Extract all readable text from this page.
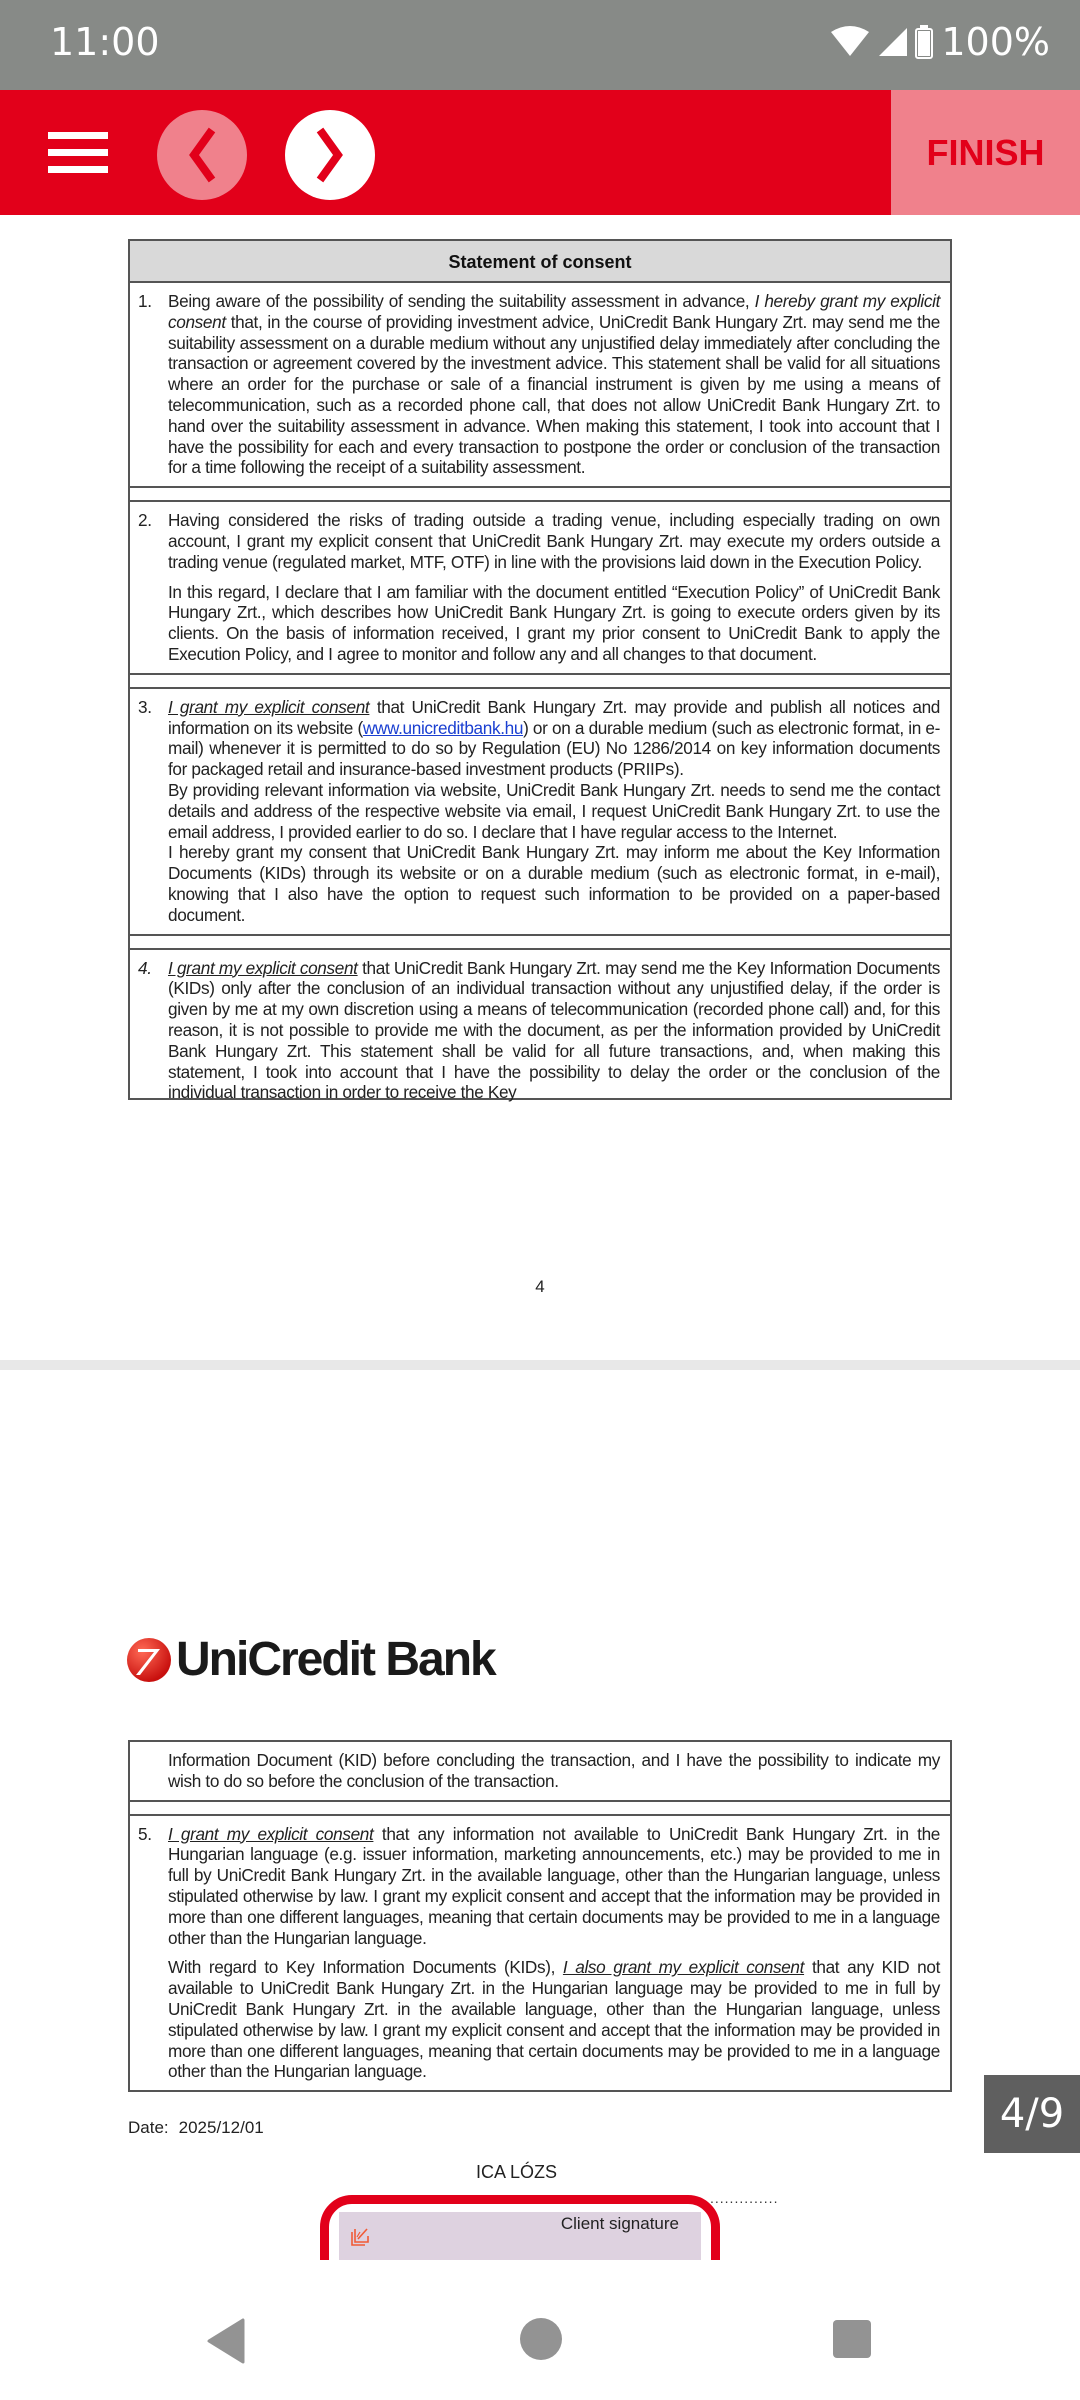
11:00	100%
FINISH
Statement of consent
1. Being aware of the possibility of sending the suitability assessment in advance, I hereby grant my explicit consent that, in the course of providing investment advice, UniCredit Bank Hungary Zrt. may send me the suitability assessment on a durable medium without any unjustified delay immediately after concluding the transaction or agreement covered by the investment advice. This statement shall be valid for all situations where an order for the purchase or sale of a financial instrument is given by me using a means of telecommunication, such as a recorded phone call, that does not allow UniCredit Bank Hungary Zrt. to hand over the suitability assessment in advance. When making this statement, I took into account that I have the possibility for each and every transaction to postpone the order or conclusion of the transaction for a time following the receipt of a suitability assessment.

2. Having considered the risks of trading outside a trading venue, including especially trading on own account, I grant my explicit consent that UniCredit Bank Hungary Zrt. may execute my orders outside a trading venue (regulated market, MTF, OTF) in line with the provisions laid down in the Execution Policy.

In this regard, I declare that I am familiar with the document entitled “Execution Policy” of UniCredit Bank Hungary Zrt., which describes how UniCredit Bank Hungary Zrt. is going to execute orders given by its clients. On the basis of information received, I grant my prior consent to UniCredit Bank to apply the Execution Policy, and I agree to monitor and follow any and all changes to that document.

3. I grant my explicit consent that UniCredit Bank Hungary Zrt. may provide and publish all notices and information on its website (www.unicreditbank.hu) or on a durable medium (such as electronic format, in e-mail) whenever it is permitted to do so by Regulation (EU) No 1286/2014 on key information documents for packaged retail and insurance-based investment products (PRIIPs).

By providing relevant information via website, UniCredit Bank Hungary Zrt. needs to send me the contact details and address of the respective website via email, I request UniCredit Bank Hungary Zrt. to use the email address, I provided earlier to do so. I declare that I have regular access to the Internet.

I hereby grant my consent that UniCredit Bank Hungary Zrt. may inform me about the Key Information Documents (KIDs) through its website or on a durable medium (such as electronic format, in e-mail), knowing that I also have the option to request such information to be provided on a paper-based document.

4. I grant my explicit consent that UniCredit Bank Hungary Zrt. may send me the Key Information Documents (KIDs) only after the conclusion of an individual transaction without any unjustified delay, if the order is given by me at my own discretion using a means of telecommunication (recorded phone call) and, for this reason, it is not possible to provide me with the document, as per the information provided by UniCredit Bank Hungary Zrt. This statement shall be valid for all future transactions, and, when making this statement, I took into account that I have the possibility to delay the order or the conclusion of the individual transaction in order to receive the Key

4
UniCredit Bank

Information Document (KID) before concluding the transaction, and I have the possibility to indicate my wish to do so before the conclusion of the transaction.

5. I grant my explicit consent that any information not available to UniCredit Bank Hungary Zrt. in the Hungarian language (e.g. issuer information, marketing announcements, etc.) may be provided to me in full by UniCredit Bank Hungary Zrt. in the available language, other than the Hungarian language, unless stipulated otherwise by law. I grant my explicit consent and accept that the information may be provided in more than one different languages, meaning that certain documents may be provided to me in a language other than the Hungarian language.

With regard to Key Information Documents (KIDs), I also grant my explicit consent that any KID not available to UniCredit Bank Hungary Zrt. in the Hungarian language may be provided to me in full by UniCredit Bank Hungary Zrt. in the available language, other than the Hungarian language, unless stipulated otherwise by law. I grant my explicit consent and accept that the information may be provided in more than one different languages, meaning that certain documents may be provided to me in a language other than the Hungarian language.

Date: 2025/12/01
ICA LÓZS
..............
Client signature
4/9
